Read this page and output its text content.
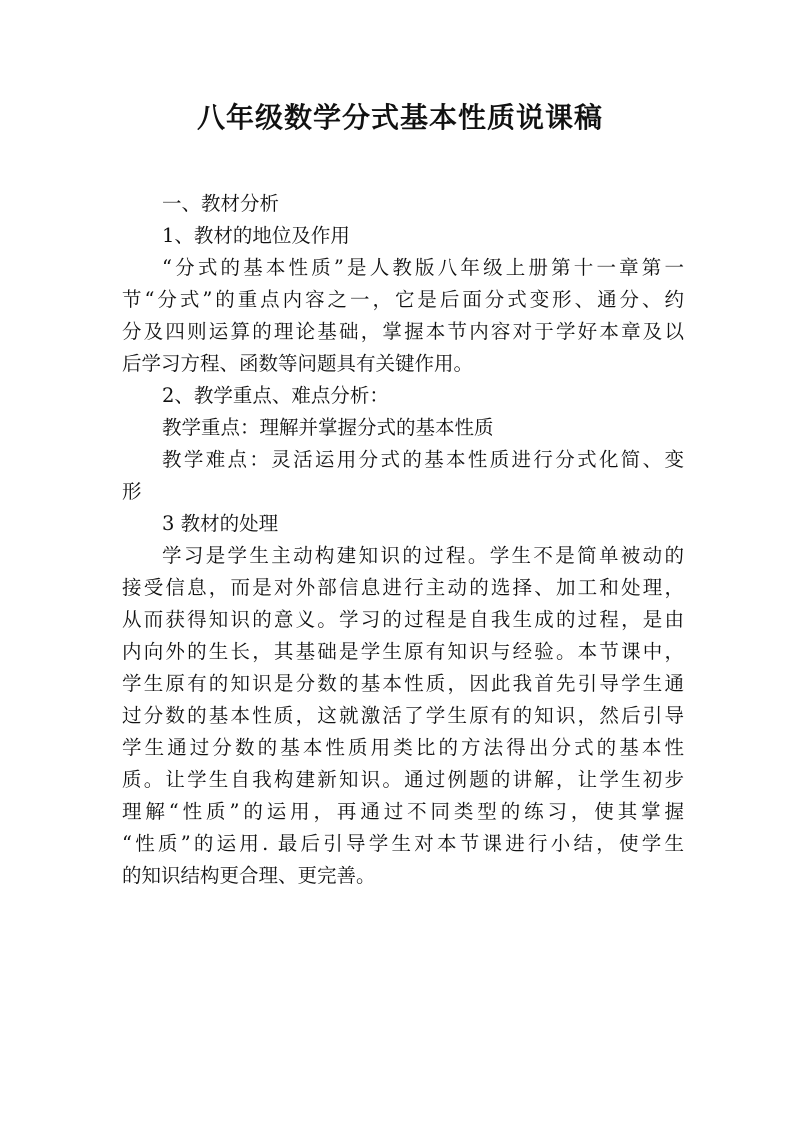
八年级数学分式基本性质说课稿
一、教材分析
1、教材的地位及作用
“分式的基本性质”是人教版八年级上册第十一章第一
节“分式”的重点内容之一，它是后面分式变形、通分、约
分及四则运算的理论基础，掌握本节内容对于学好本章及以
后学习方程、函数等问题具有关键作用。
2、教学重点、难点分析：
教学重点：理解并掌握分式的基本性质
教学难点：灵活运用分式的基本性质进行分式化简、变
形
3 教材的处理
学习是学生主动构建知识的过程。学生不是简单被动的
接受信息，而是对外部信息进行主动的选择、加工和处理，
从而获得知识的意义。学习的过程是自我生成的过程，是由
内向外的生长，其基础是学生原有知识与经验。本节课中，
学生原有的知识是分数的基本性质，因此我首先引导学生通
过分数的基本性质，这就激活了学生原有的知识，然后引导
学生通过分数的基本性质用类比的方法得出分式的基本性
质。让学生自我构建新知识。通过例题的讲解，让学生初步
理解“性质”的运用，再通过不同类型的练习，使其掌握
“性质”的运用. 最后引导学生对本节课进行小结，使学生
的知识结构更合理、更完善。
